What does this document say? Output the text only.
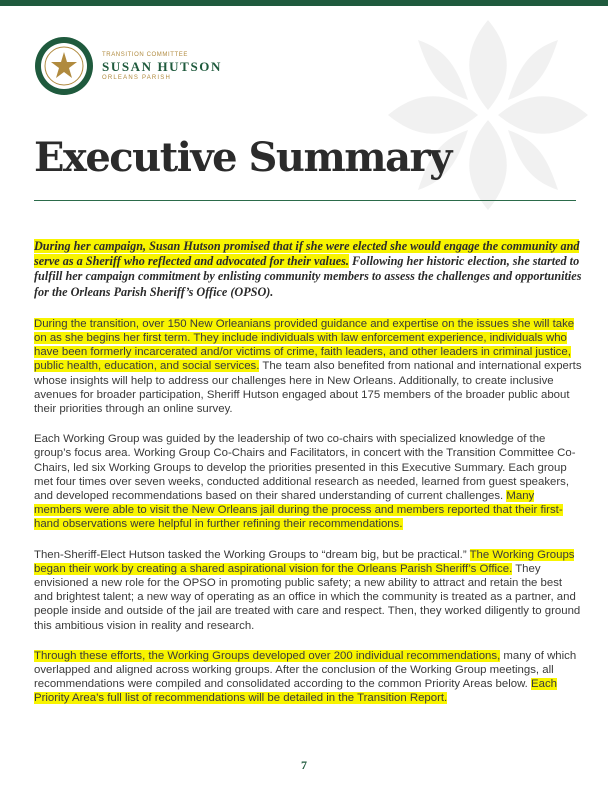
TRANSITION COMMITTEE
SUSAN HUTSON
ORLEANS PARISH
Executive Summary

During her campaign, Susan Hutson promised that if she were elected she would engage the community and serve as a Sheriff who reflected and advocated for their values. Following her historic election, she started to fulfill her campaign commitment by enlisting community members to assess the challenges and opportunities for the Orleans Parish Sheriff’s Office (OPSO).

During the transition, over 150 New Orleanians provided guidance and expertise on the issues she will take on as she begins her first term. They include individuals with law enforcement experience, individuals who have been formerly incarcerated and/or victims of crime, faith leaders, and other leaders in criminal justice, public health, education, and social services. The team also benefited from national and international experts whose insights will help to address our challenges here in New Orleans. Additionally, to create inclusive avenues for broader participation, Sheriff Hutson engaged about 175 members of the broader public about their priorities through an online survey.

Each Working Group was guided by the leadership of two co-chairs with specialized knowledge of the group’s focus area. Working Group Co-Chairs and Facilitators, in concert with the Transition Committee Co-Chairs, led six Working Groups to develop the priorities presented in this Executive Summary. Each group met four times over seven weeks, conducted additional research as needed, learned from guest speakers, and developed recommendations based on their shared understanding of current challenges. Many members were able to visit the New Orleans jail during the process and members reported that their first-hand observations were helpful in further refining their recommendations.

Then-Sheriff-Elect Hutson tasked the Working Groups to “dream big, but be practical.” The Working Groups began their work by creating a shared aspirational vision for the Orleans Parish Sheriff’s Office. They envisioned a new role for the OPSO in promoting public safety; a new ability to attract and retain the best and brightest talent; a new way of operating as an office in which the community is treated as a partner, and people inside and outside of the jail are treated with care and respect. Then, they worked diligently to ground this ambitious vision in reality and research.

Through these efforts, the Working Groups developed over 200 individual recommendations, many of which overlapped and aligned across working groups. After the conclusion of the Working Group meetings, all recommendations were compiled and consolidated according to the common Priority Areas below. Each Priority Area’s full list of recommendations will be detailed in the Transition Report.

7
